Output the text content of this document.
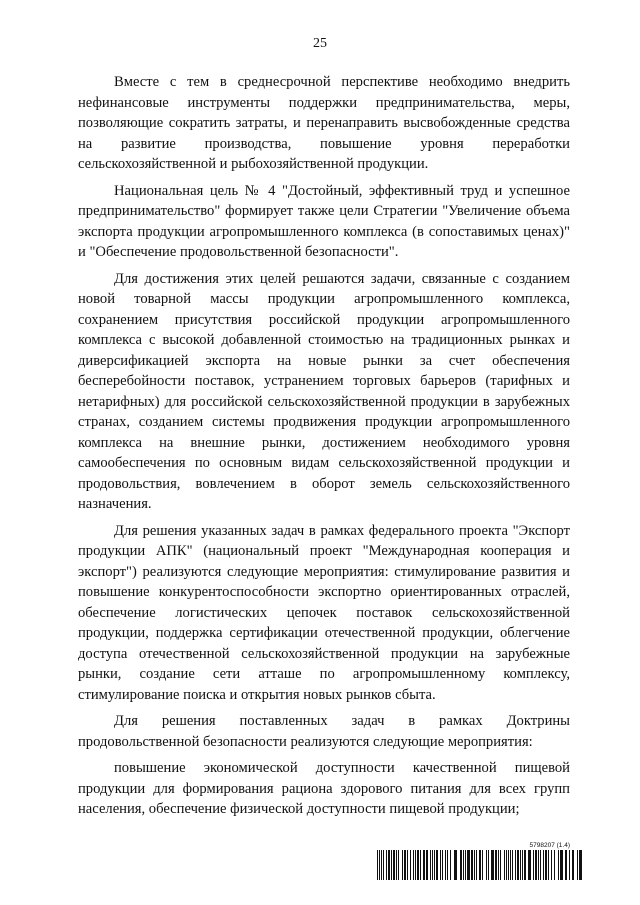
25

Вместе с тем в среднесрочной перспективе необходимо внедрить нефинансовые инструменты поддержки предпринимательства, меры, позволяющие сократить затраты, и перенаправить высвобожденные средства на развитие производства, повышение уровня переработки сельскохозяйственной и рыбохозяйственной продукции.

Национальная цель № 4 "Достойный, эффективный труд и успешное предпринимательство" формирует также цели Стратегии "Увеличение объема экспорта продукции агропромышленного комплекса (в сопоставимых ценах)" и "Обеспечение продовольственной безопасности".

Для достижения этих целей решаются задачи, связанные с созданием новой товарной массы продукции агропромышленного комплекса, сохранением присутствия российской продукции агропромышленного комплекса с высокой добавленной стоимостью на традиционных рынках и диверсификацией экспорта на новые рынки за счет обеспечения бесперебойности поставок, устранением торговых барьеров (тарифных и нетарифных) для российской сельскохозяйственной продукции в зарубежных странах, созданием системы продвижения продукции агропромышленного комплекса на внешние рынки, достижением необходимого уровня самообеспечения по основным видам сельскохозяйственной продукции и продовольствия, вовлечением в оборот земель сельскохозяйственного назначения.

Для решения указанных задач в рамках федерального проекта "Экспорт продукции АПК" (национальный проект "Международная кооперация и экспорт") реализуются следующие мероприятия: стимулирование развития и повышение конкурентоспособности экспортно ориентированных отраслей, обеспечение логистических цепочек поставок сельскохозяйственной продукции, поддержка сертификации отечественной продукции, облегчение доступа отечественной сельскохозяйственной продукции на зарубежные рынки, создание сети атташе по агропромышленному комплексу, стимулирование поиска и открытия новых рынков сбыта.

Для решения поставленных задач в рамках Доктрины продовольственной безопасности реализуются следующие мероприятия:

повышение экономической доступности качественной пищевой продукции для формирования рациона здорового питания для всех групп населения, обеспечение физической доступности пищевой продукции;

5798207 (1.4)
